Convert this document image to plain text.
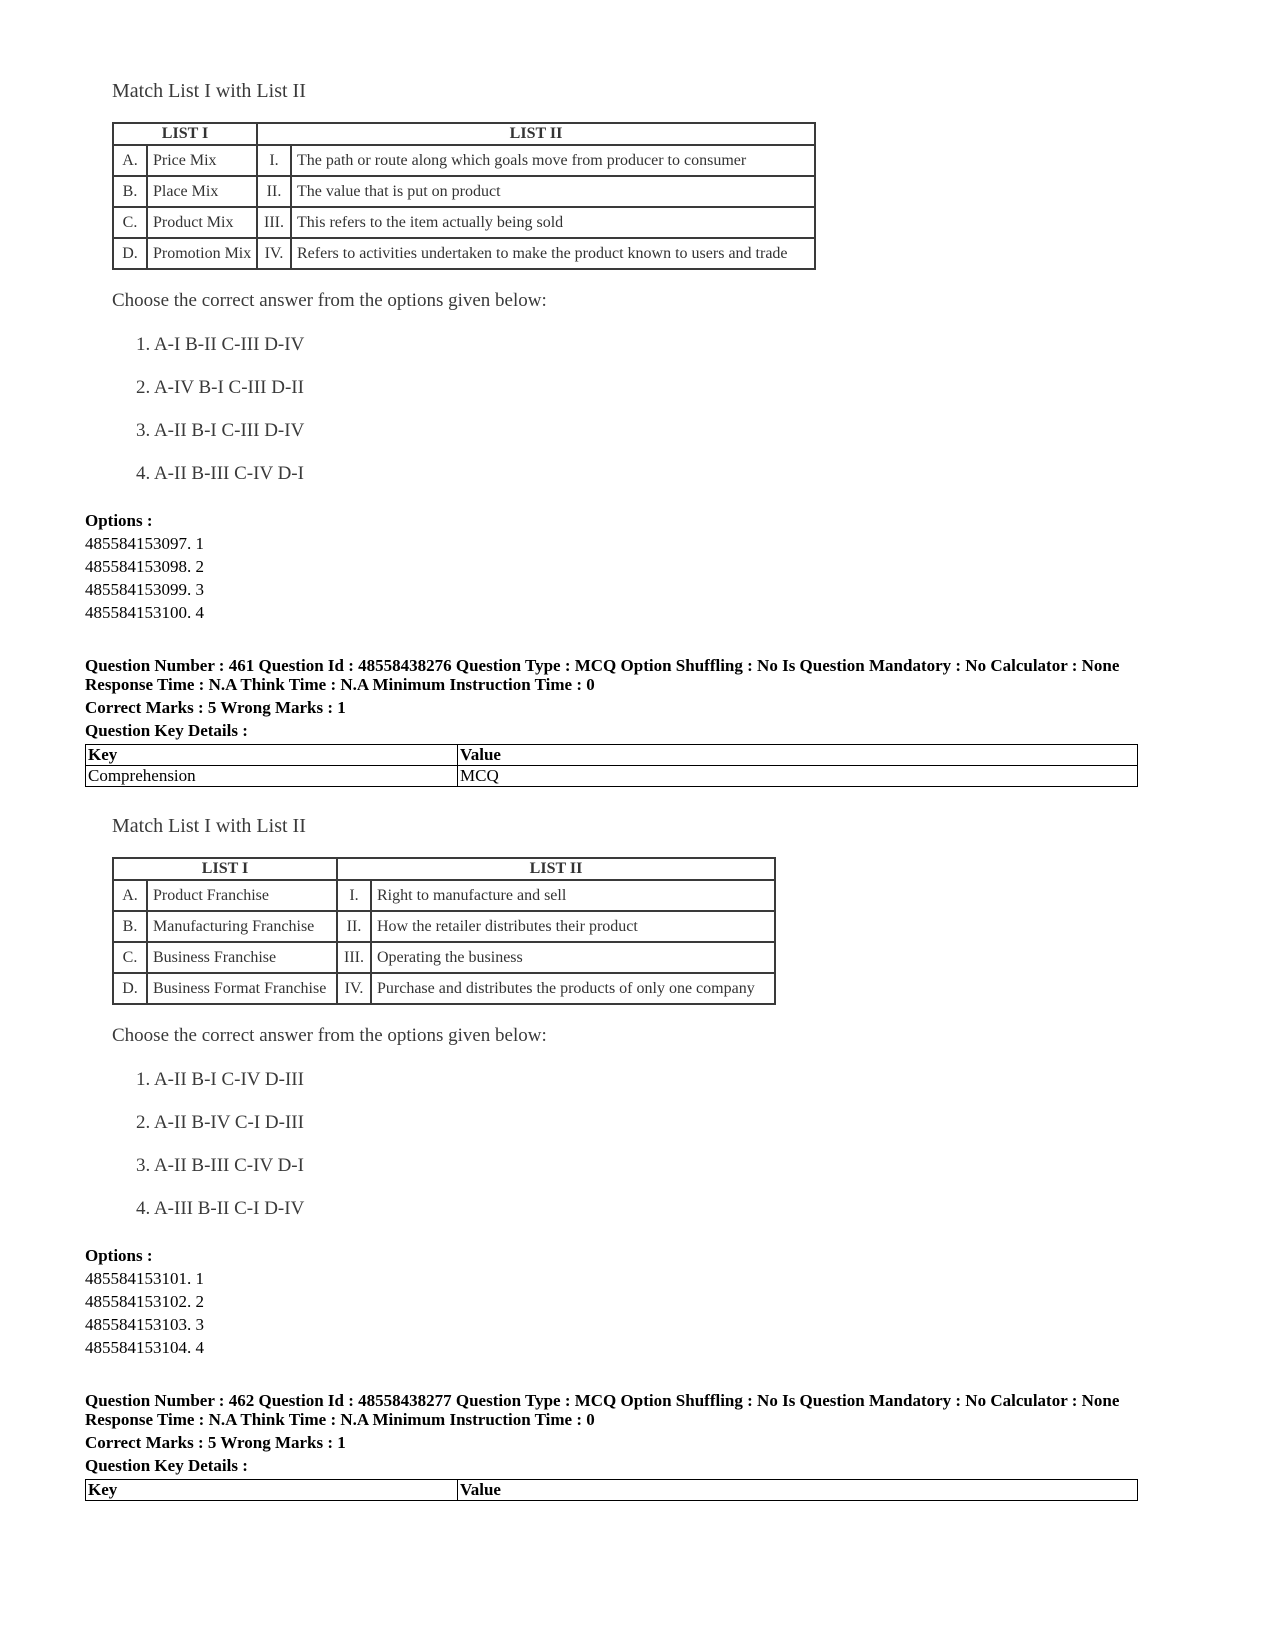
Match List I with List II
LIST I		LIST II	
A.	Price Mix	I.	The path or route along which goals move from producer to consumer
B.	Place Mix	II.	The value that is put on product
C.	Product Mix	III.	This refers to the item actually being sold
D.	Promotion Mix	IV.	Refers to activities undertaken to make the product known to users and trade
Choose the correct answer from the options given below:
1. A-I B-II C-III D-IV
2. A-IV B-I C-III D-II
3. A-II B-I C-III D-IV
4. A-II B-III C-IV D-I
Options :
485584153097. 1
485584153098. 2
485584153099. 3
485584153100. 4
Question Number : 461 Question Id : 48558438276 Question Type : MCQ Option Shuffling : No Is Question Mandatory : No Calculator : None
Response Time : N.A Think Time : N.A Minimum Instruction Time : 0
Correct Marks : 5 Wrong Marks : 1
Question Key Details :
Key	Value
Comprehension	MCQ
Match List I with List II
LIST I		LIST II	
A.	Product Franchise	I.	Right to manufacture and sell
B.	Manufacturing Franchise	II.	How the retailer distributes their product
C.	Business Franchise	III.	Operating the business
D.	Business Format Franchise	IV.	Purchase and distributes the products of only one company
Choose the correct answer from the options given below:
1. A-II B-I C-IV D-III
2. A-II B-IV C-I D-III
3. A-II B-III C-IV D-I
4. A-III B-II C-I D-IV
Options :
485584153101. 1
485584153102. 2
485584153103. 3
485584153104. 4
Question Number : 462 Question Id : 48558438277 Question Type : MCQ Option Shuffling : No Is Question Mandatory : No Calculator : None
Response Time : N.A Think Time : N.A Minimum Instruction Time : 0
Correct Marks : 5 Wrong Marks : 1
Question Key Details :
Key	Value
